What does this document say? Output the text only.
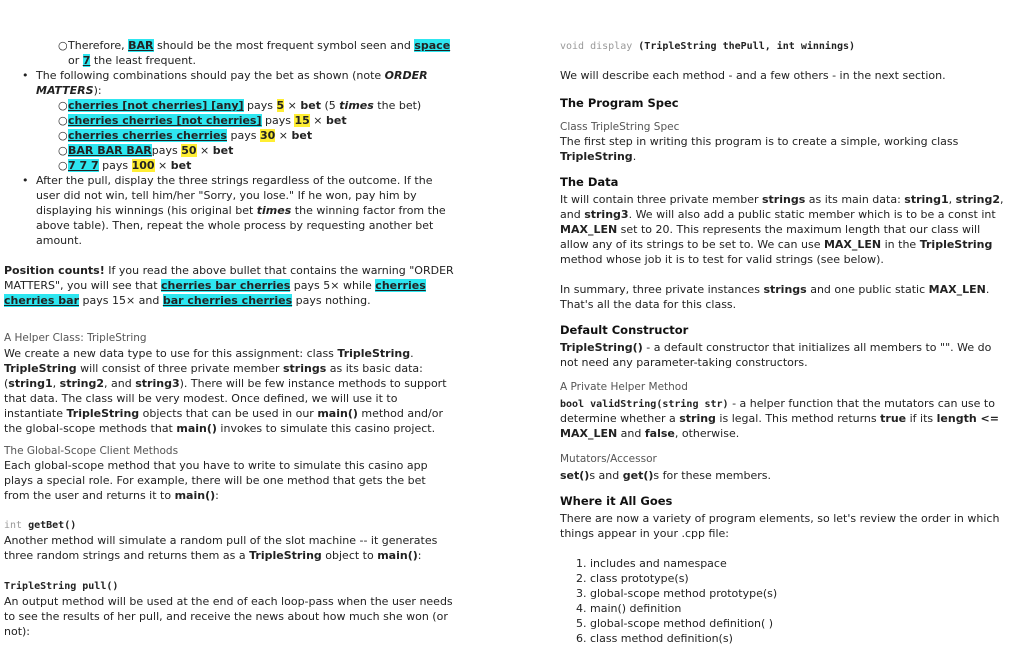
○ Therefore, BAR should be the most frequent symbol seen and space
or 7 the least frequent.
• The following combinations should pay the bet as shown (note ORDER
MATTERS):
○ cherries [not cherries] [any] pays 5 × bet (5 times the bet)
○ cherries cherries [not cherries] pays 15 × bet
○ cherries cherries cherries pays 30 × bet
○ BAR BAR BARpays 50 × bet
○ 7 7 7 pays 100 × bet
• After the pull, display the three strings regardless of the outcome. If the
user did not win, tell him/her "Sorry, you lose." If he won, pay him by
displaying his winnings (his original bet times the winning factor from the
above table). Then, repeat the whole process by requesting another bet
amount.
Position counts! If you read the above bullet that contains the warning "ORDER
MATTERS", you will see that cherries bar cherries pays 5× while cherries
cherries bar pays 15× and bar cherries cherries pays nothing.
A Helper Class: TripleString
We create a new data type to use for this assignment: class TripleString.
TripleString will consist of three private member strings as its basic data:
(string1, string2, and string3). There will be few instance methods to support
that data. The class will be very modest. Once defined, we will use it to
instantiate TripleString objects that can be used in our main() method and/or
the global-scope methods that main() invokes to simulate this casino project.
The Global-Scope Client Methods
Each global-scope method that you have to write to simulate this casino app
plays a special role. For example, there will be one method that gets the bet
from the user and returns it to main():
int getBet()
Another method will simulate a random pull of the slot machine -- it generates
three random strings and returns them as a TripleString object to main():
TripleString pull()
An output method will be used at the end of each loop-pass when the user needs
to see the results of her pull, and receive the news about how much she won (or
not):
void display (TripleString thePull, int winnings)
We will describe each method - and a few others - in the next section.
The Program Spec
Class TripleString Spec
The first step in writing this program is to create a simple, working class
TripleString.
The Data
It will contain three private member strings as its main data: string1, string2,
and string3. We will also add a public static member which is to be a const int
MAX_LEN set to 20. This represents the maximum length that our class will
allow any of its strings to be set to. We can use MAX_LEN in the TripleString
method whose job it is to test for valid strings (see below).
In summary, three private instances strings and one public static MAX_LEN.
That's all the data for this class.
Default Constructor
TripleString() - a default constructor that initializes all members to "". We do
not need any parameter-taking constructors.
A Private Helper Method
bool validString(string str) - a helper function that the mutators can use to
determine whether a string is legal. This method returns true if its length <=
MAX_LEN and false, otherwise.
Mutators/Accessor
set()s and get()s for these members.
Where it All Goes
There are now a variety of program elements, so let's review the order in which
things appear in your .cpp file:
1. includes and namespace
2. class prototype(s)
3. global-scope method prototype(s)
4. main() definition
5. global-scope method definition( )
6. class method definition(s)
